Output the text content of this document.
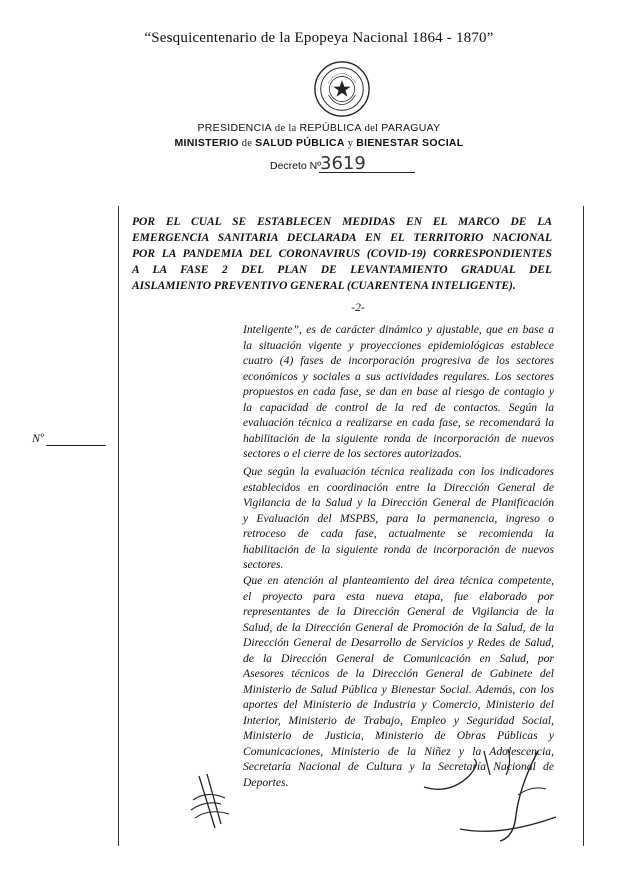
“Sesquicentenario de la Epopeya Nacional 1864 - 1870”
PRESIDENCIA de la REPÚBLICA del PARAGUAY
MINISTERIO de SALUD PÚBLICA y BIENESTAR SOCIAL
Decreto Nº
3619
POR EL CUAL SE ESTABLECEN MEDIDAS EN EL MARCO DE LA
EMERGENCIA SANITARIA DECLARADA EN EL TERRITORIO NACIONAL
POR LA PANDEMIA DEL CORONAVIRUS (COVID-19) CORRESPONDIENTES
A LA FASE 2 DEL PLAN DE LEVANTAMIENTO GRADUAL DEL
AISLAMIENTO PREVENTIVO GENERAL (CUARENTENA INTELIGENTE).
-2-
Nº
Inteligente”, es de carácter dinámico y ajustable, que en base a
la situación vigente y proyecciones epidemiológicas establece
cuatro (4) fases de incorporación progresiva de los sectores
económicos y sociales a sus actividades regulares. Los sectores
propuestos en cada fase, se dan en base al riesgo de contagio y
la capacidad de control de la red de contactos. Según la
evaluación técnica a realizarse en cada fase, se recomendará la
habilitación de la siguiente ronda de incorporación de nuevos
sectores o el cierre de los sectores autorizados.
Que según la evaluación técnica realizada con los indicadores
establecidos en coordinación entre la Dirección General de
Vigilancia de la Salud y la Dirección General de Planificación
y Evaluación del MSPBS, para la permanencia, ingreso o
retroceso de cada fase, actualmente se recomienda la
habilitación de la siguiente ronda de incorporación de nuevos
sectores.
Que en atención al planteamiento del área técnica competente,
el proyecto para esta nueva etapa, fue elaborado por
representantes de la Dirección General de Vigilancia de la
Salud, de la Dirección General de Promoción de la Salud, de la
Dirección General de Desarrollo de Servicios y Redes de Salud,
de la Dirección General de Comunicación en Salud, por
Asesores técnicos de la Dirección General de Gabinete del
Ministerio de Salud Pública y Bienestar Social. Además, con los
aportes del Ministerio de Industria y Comercio, Ministerio del
Interior, Ministerio de Trabajo, Empleo y Seguridad Social,
Ministerio de Justicia, Ministerio de Obras Públicas y
Comunicaciones, Ministerio de la Niñez y la Adolescencia,
Secretaría Nacional de Cultura y la Secretaría Nacional de
Deportes.
